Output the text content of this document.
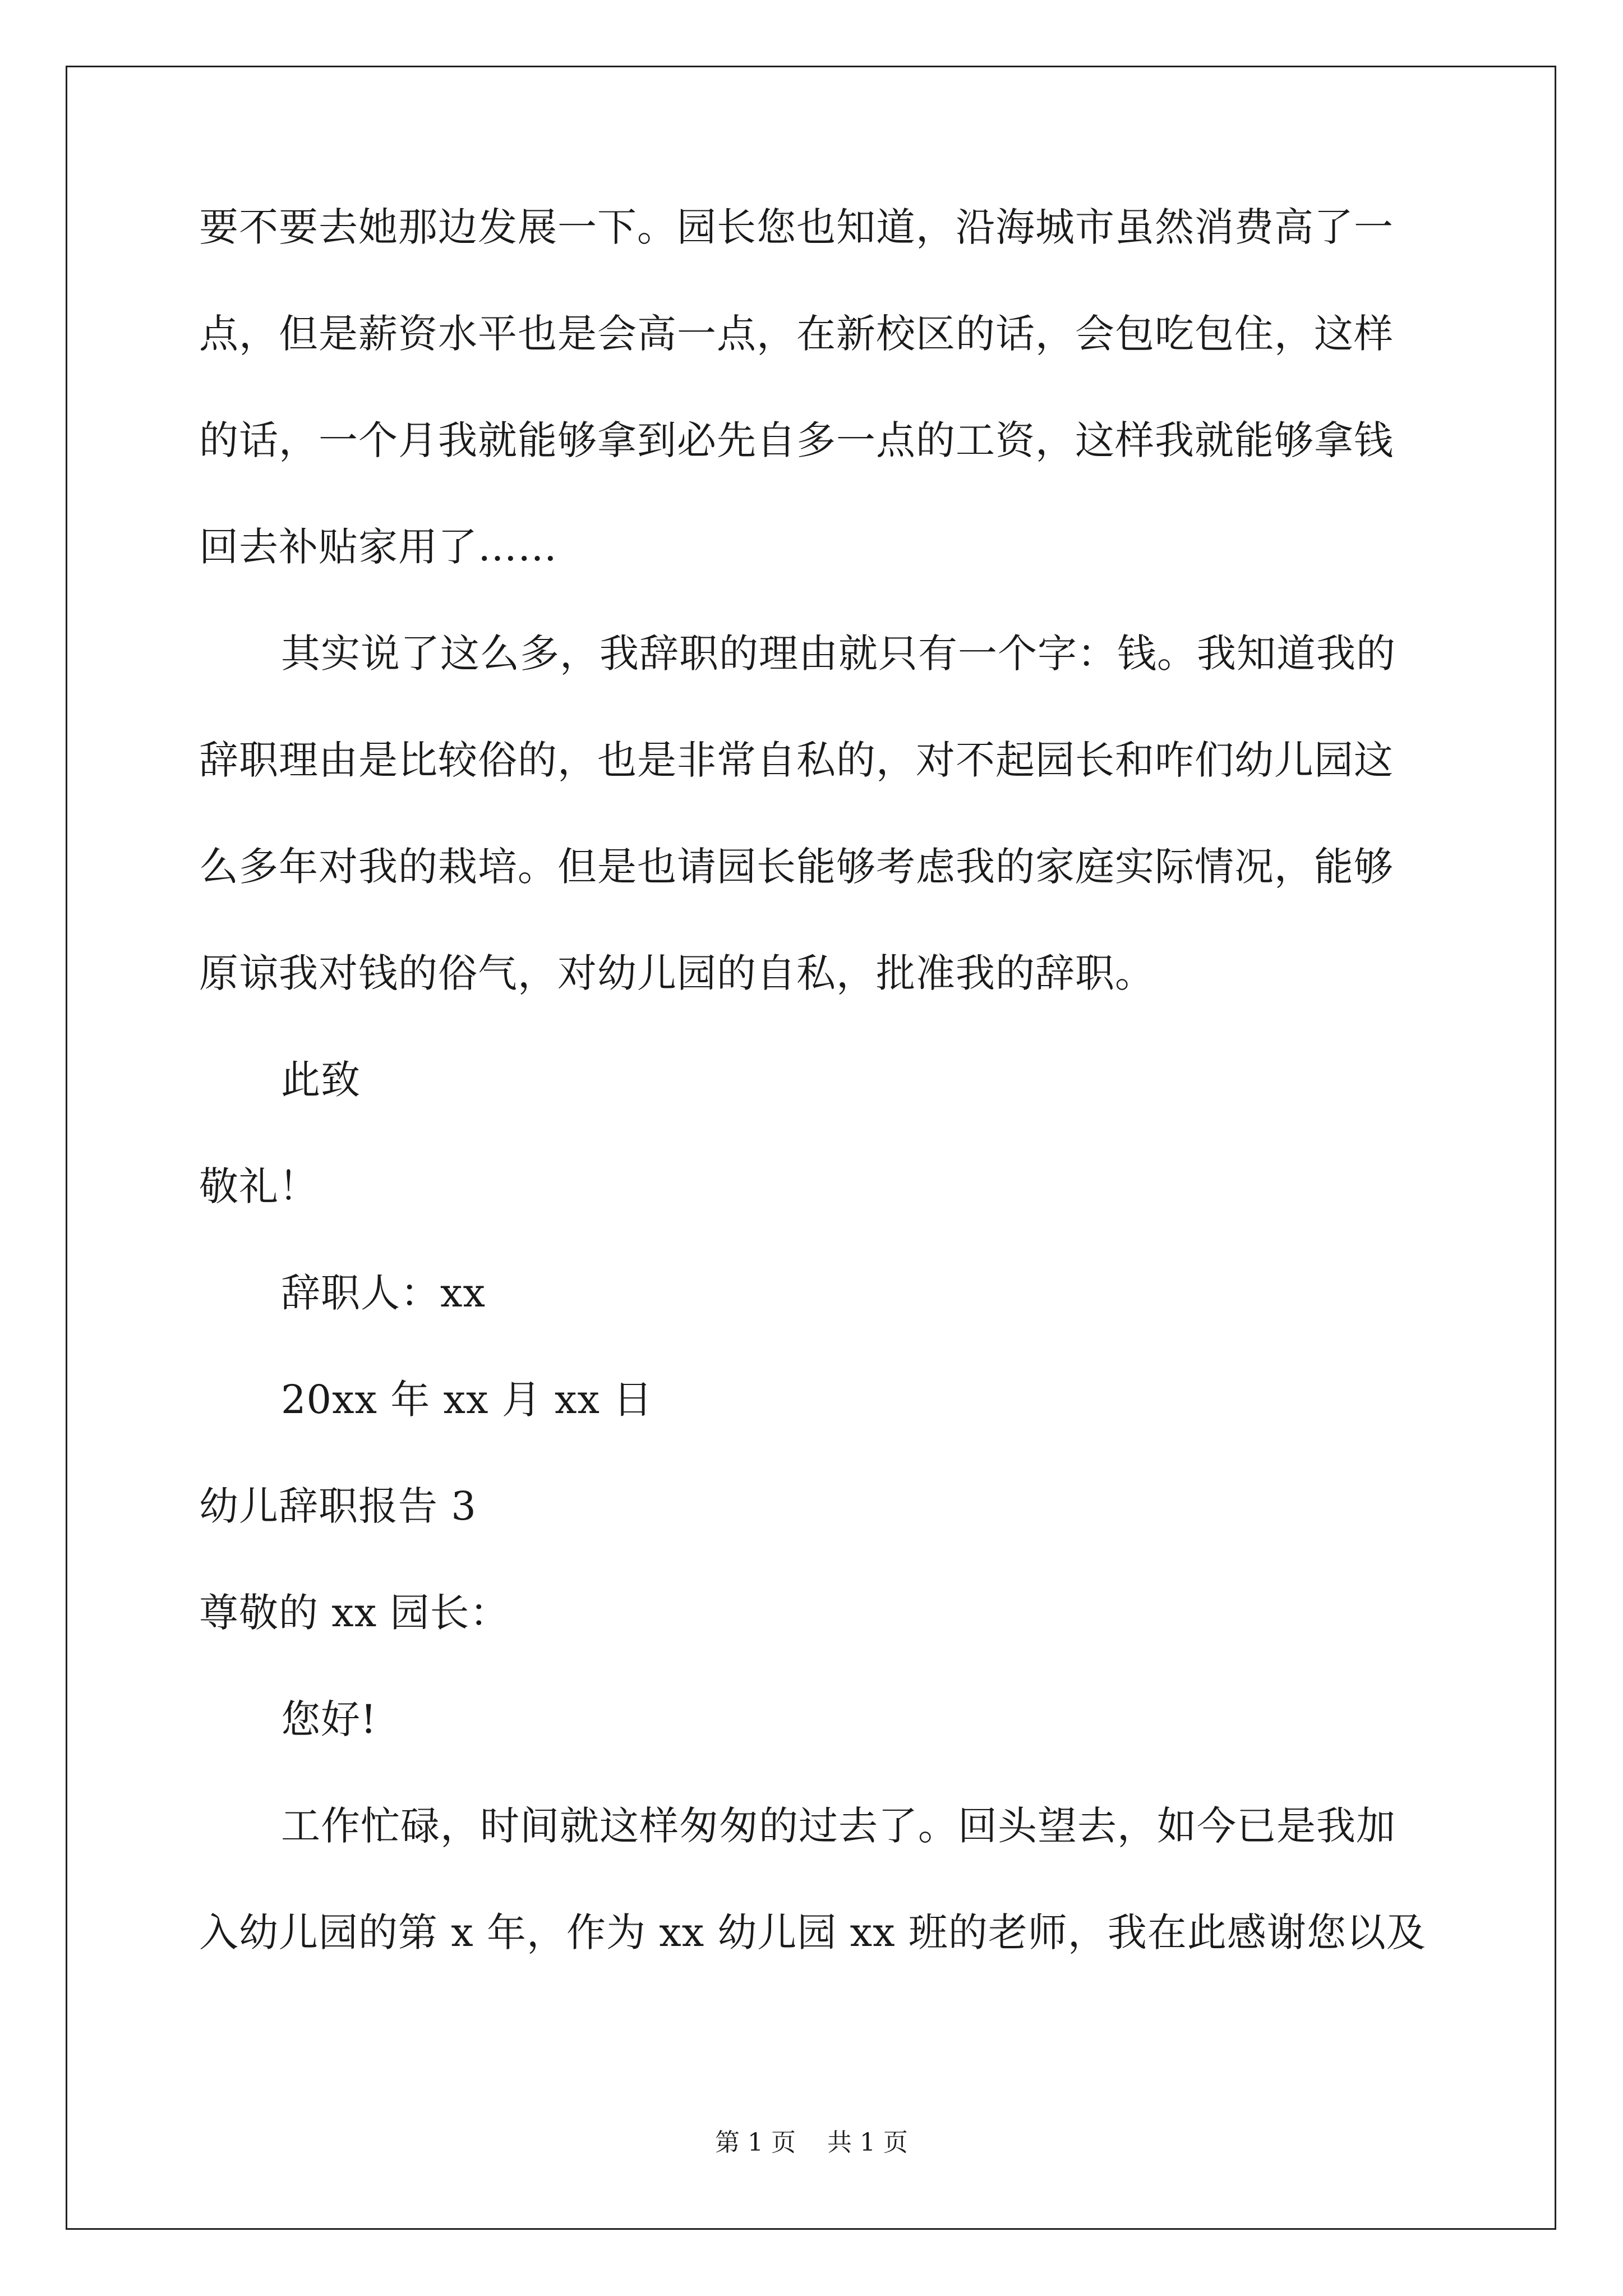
要不要去她那边发展一下。园长您也知道，沿海城市虽然消费高了一
点，但是薪资水平也是会高一点，在新校区的话，会包吃包住，这样
的话，一个月我就能够拿到必先自多一点的工资，这样我就能够拿钱
回去补贴家用了……
其实说了这么多，我辞职的理由就只有一个字：钱。我知道我的
辞职理由是比较俗的，也是非常自私的，对不起园长和咋们幼儿园这
么多年对我的栽培。但是也请园长能够考虑我的家庭实际情况，能够
原谅我对钱的俗气，对幼儿园的自私，批准我的辞职。
此致
敬礼！
辞职人：xx
20xx 年 xx 月 xx 日
幼儿辞职报告 3
尊敬的 xx 园长：
您好!
工作忙碌，时间就这样匆匆的过去了。回头望去，如今已是我加
入幼儿园的第 x 年，作为 xx 幼儿园 xx 班的老师，我在此感谢您以及
第 1 页    共 1 页
